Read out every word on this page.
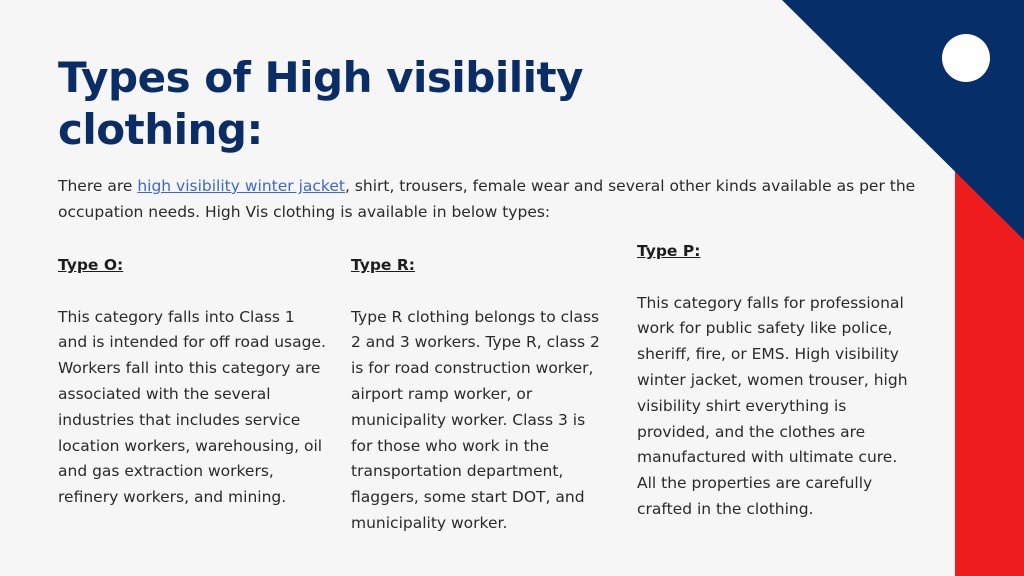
Types of High visibility clothing:
There are high visibility winter jacket, shirt, trousers, female wear and several other kinds available as per the occupation needs. High Vis clothing is available in below types:
Type O:
This category falls into Class 1 and is intended for off road usage. Workers fall into this category are associated with the several industries that includes service location workers, warehousing, oil and gas extraction workers, refinery workers, and mining.
Type R:
Type R clothing belongs to class 2 and 3 workers. Type R, class 2 is for road construction worker, airport ramp worker, or municipality worker. Class 3 is for those who work in the transportation department, flaggers, some start DOT, and municipality worker.
Type P:
This category falls for professional work for public safety like police, sheriff, fire, or EMS. High visibility winter jacket, women trouser, high visibility shirt everything is provided, and the clothes are manufactured with ultimate cure. All the properties are carefully crafted in the clothing.
